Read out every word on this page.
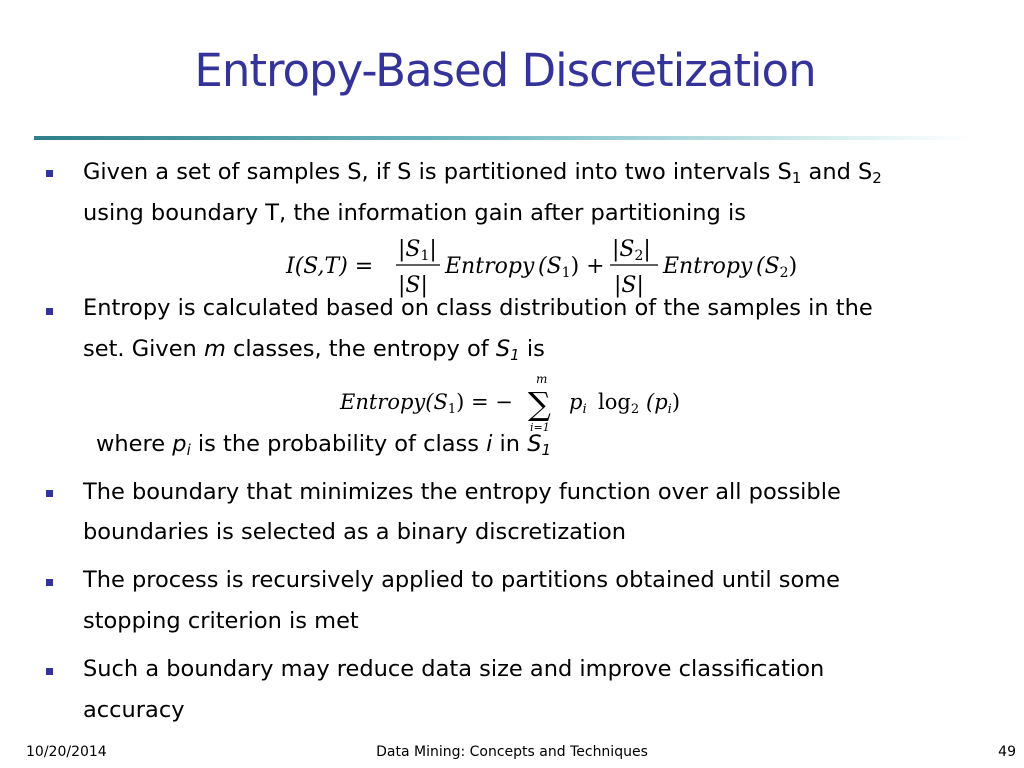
Entropy-Based Discretization
Given a set of samples S, if S is partitioned into two intervals $S_1$ and $S_2$
using boundary T, the information gain after partitioning is
I(S,T) =
|S1|
|S|
Entropy (S1) +
|S2|
|S|
Entropy (S2)
Entropy is calculated based on class distribution of the samples in the
set. Given m classes, the entropy of $S_1$ is
Entropy(S1) = −
m
∑
i=1
pi log2 (pi)
where $p_i$ is the probability of class i in $S_1$
The boundary that minimizes the entropy function over all possible
boundaries is selected as a binary discretization
The process is recursively applied to partitions obtained until some
stopping criterion is met
Such a boundary may reduce data size and improve classification
accuracy
10/20/2014	Data Mining: Concepts and Techniques	49
